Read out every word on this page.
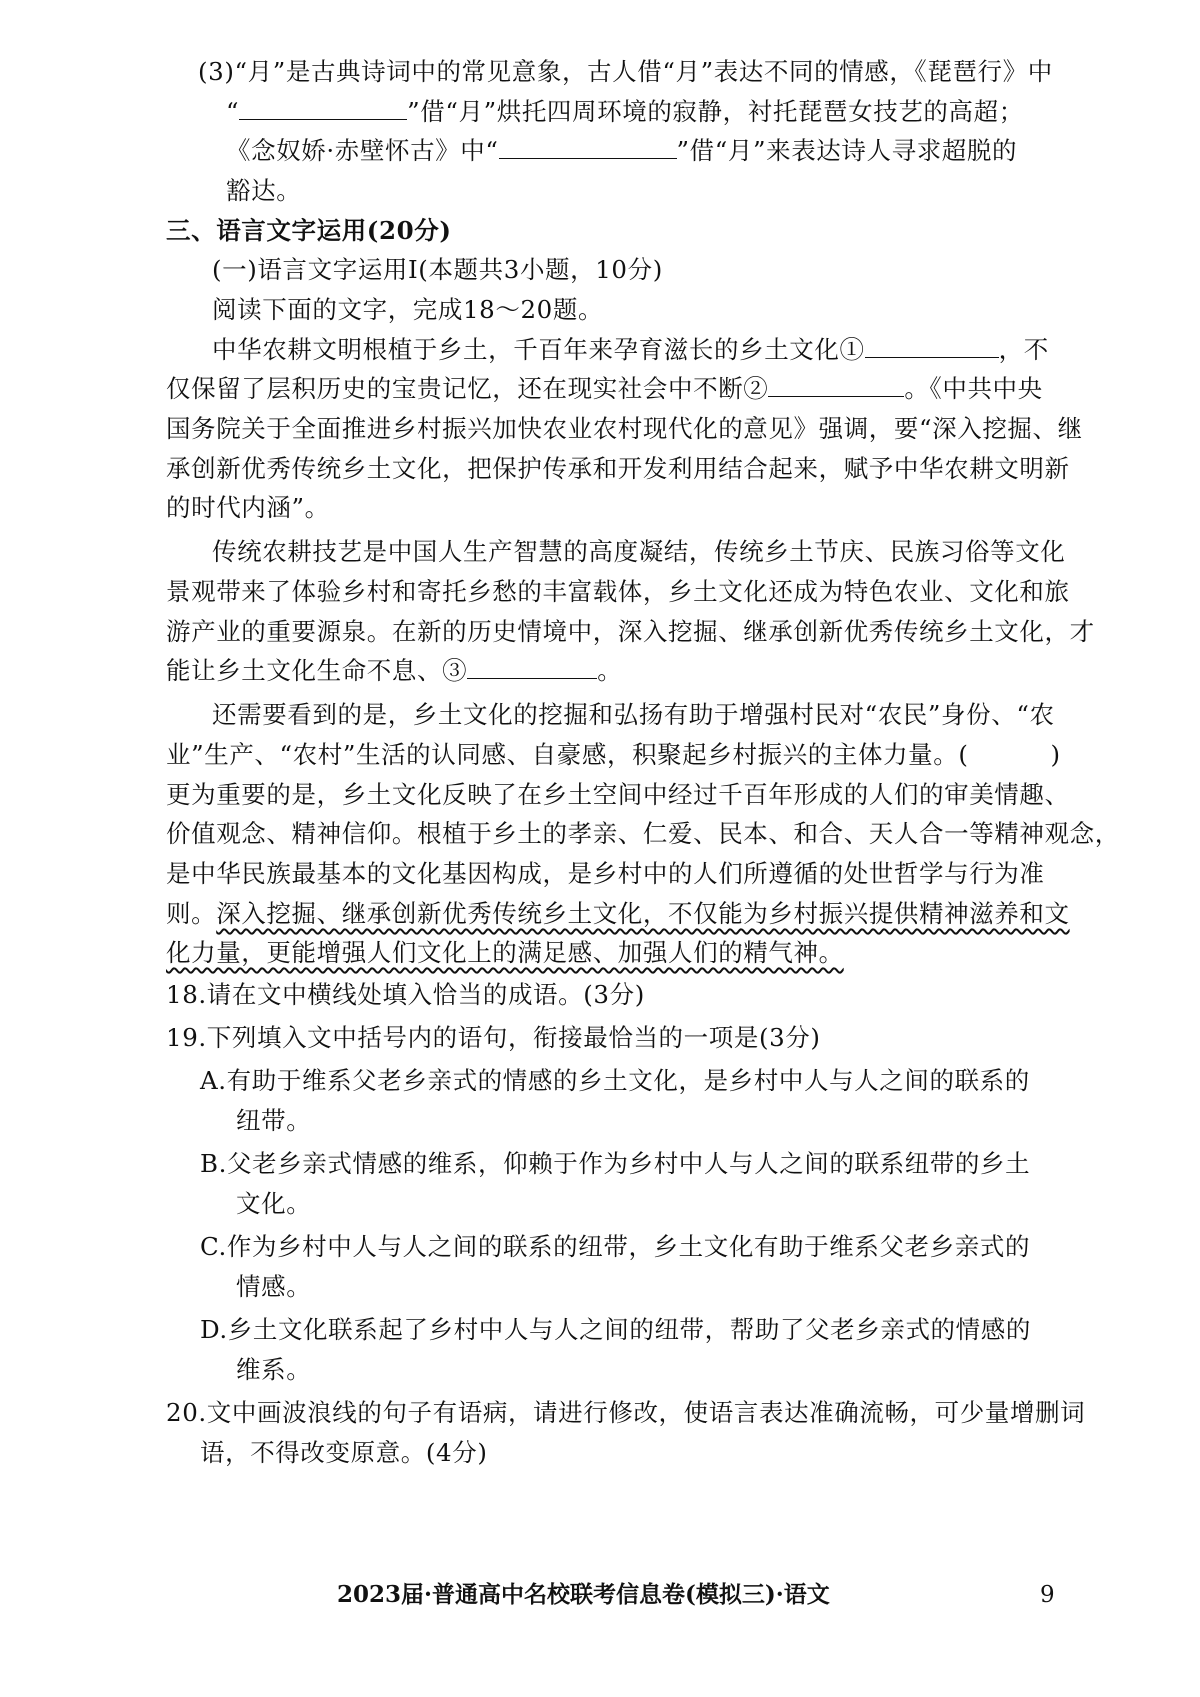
(3)“月”是古典诗词中的常见意象，古人借“月”表达不同的情感，《琵琶行》中
“	”借“月”烘托四周环境的寂静，衬托琵琶女技艺的高超；
《念奴娇·赤壁怀古》中“	”借“月”来表达诗人寻求超脱的
豁达。
三、语言文字运用(20分)
(一)语言文字运用Ⅰ(本题共3小题，10分)
阅读下面的文字，完成18～20题。
中华农耕文明根植于乡土，千百年来孕育滋长的乡土文化①	，不
仅保留了层积历史的宝贵记忆，还在现实社会中不断②	。《中共中央
国务院关于全面推进乡村振兴加快农业农村现代化的意见》强调，要“深入挖掘、继
承创新优秀传统乡土文化，把保护传承和开发利用结合起来，赋予中华农耕文明新
的时代内涵”。
传统农耕技艺是中国人生产智慧的高度凝结，传统乡土节庆、民族习俗等文化
景观带来了体验乡村和寄托乡愁的丰富载体，乡土文化还成为特色农业、文化和旅
游产业的重要源泉。在新的历史情境中，深入挖掘、继承创新优秀传统乡土文化，才
能让乡土文化生命不息、③	。
还需要看到的是，乡土文化的挖掘和弘扬有助于增强村民对“农民”身份、“农
业”生产、“农村”生活的认同感、自豪感，积聚起乡村振兴的主体力量。(	)
更为重要的是，乡土文化反映了在乡土空间中经过千百年形成的人们的审美情趣、
价值观念、精神信仰。根植于乡土的孝亲、仁爱、民本、和合、天人合一等精神观念，
是中华民族最基本的文化基因构成，是乡村中的人们所遵循的处世哲学与行为准
则。深入挖掘、继承创新优秀传统乡土文化，不仅能为乡村振兴提供精神滋养和文
化力量，更能增强人们文化上的满足感、加强人们的精气神。
18.请在文中横线处填入恰当的成语。(3分)
19.下列填入文中括号内的语句，衔接最恰当的一项是(3分)
A.有助于维系父老乡亲式的情感的乡土文化，是乡村中人与人之间的联系的
纽带。
B.父老乡亲式情感的维系，仰赖于作为乡村中人与人之间的联系纽带的乡土
文化。
C.作为乡村中人与人之间的联系的纽带，乡土文化有助于维系父老乡亲式的
情感。
D.乡土文化联系起了乡村中人与人之间的纽带，帮助了父老乡亲式的情感的
维系。
20.文中画波浪线的句子有语病，请进行修改，使语言表达准确流畅，可少量增删词
语，不得改变原意。(4分)
2023届·普通高中名校联考信息卷(模拟三)·语文	9
